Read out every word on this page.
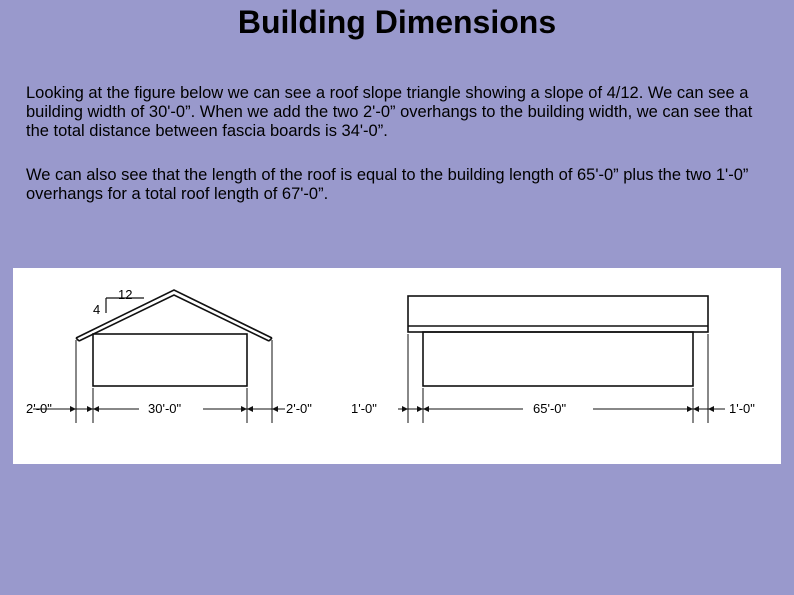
Building Dimensions

Looking at the figure below we can see a roof slope triangle showing a slope of 4/12. We can see a building width of 30'-0”. When we add the two 2'-0” overhangs to the building width, we can see that the total distance between fascia boards is 34'-0”.

We can also see that the length of the roof is equal to the building length of 65'-0” plus the two 1'-0” overhangs for a total roof length of 67'-0”.

12
4
2'-0"	30'-0"	2'-0"	1'-0"	65'-0"	1'-0"
